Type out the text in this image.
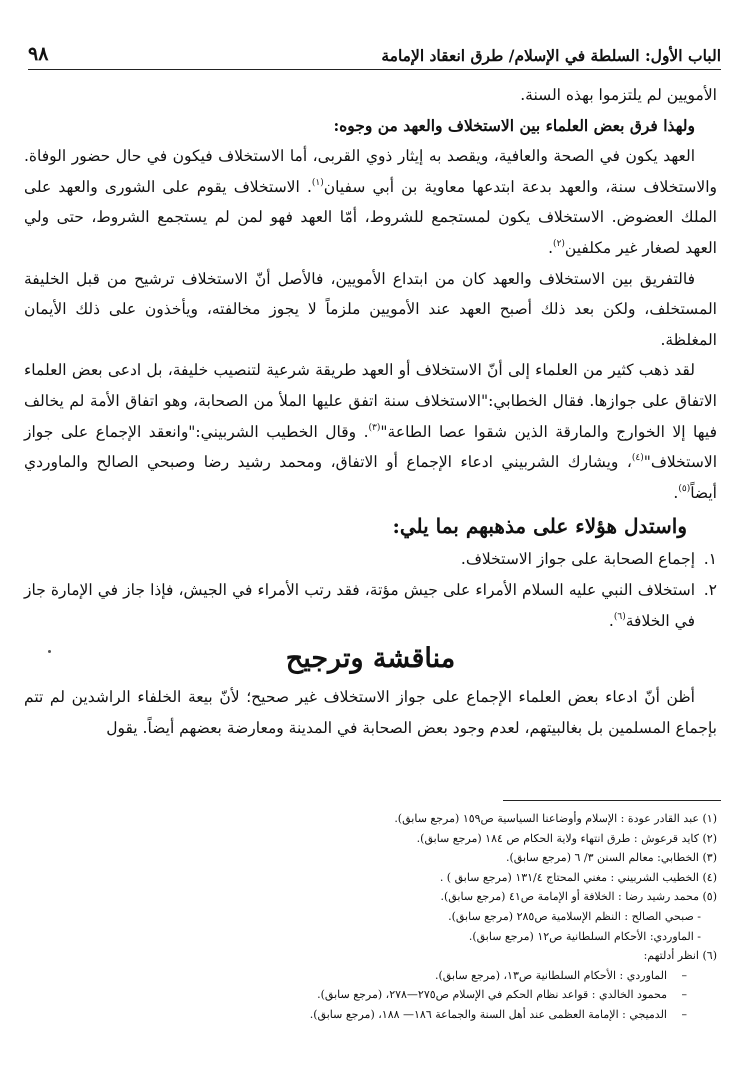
الباب الأول: السلطة في الإسلام/ طرق انعقاد الإمامة
٩٨

الأمويين لم يلتزموا بهذه السنة.

ولهذا فرق بعض العلماء بين الاستخلاف والعهد من وجوه:

العهد يكون في الصحة والعافية، ويقصد به إيثار ذوي القربى، أما الاستخلاف فيكون في حال حضور الوفاة. والاستخلاف سنة، والعهد بدعة ابتدعها معاوية بن أبي سفيان$^{(١)}$. الاستخلاف يقوم على الشورى والعهد على الملك العضوض. الاستخلاف يكون لمستجمع للشروط، أمّا العهد فهو لمن لم يستجمع الشروط، حتى ولي العهد لصغار غير مكلفين$^{(٢)}$.

فالتفريق بين الاستخلاف والعهد كان من ابتداع الأمويين، فالأصل أنّ الاستخلاف ترشيح من قبل الخليفة المستخلف، ولكن بعد ذلك أصبح العهد عند الأمويين ملزماً لا يجوز مخالفته، ويأخذون على ذلك الأيمان المغلظة.

لقد ذهب كثير من العلماء إلى أنّ الاستخلاف أو العهد طريقة شرعية لتنصيب خليفة، بل ادعى بعض العلماء الاتفاق على جوازها. فقال الخطابي:"الاستخلاف سنة اتفق عليها الملأ من الصحابة، وهو اتفاق الأمة لم يخالف فيها إلا الخوارج والمارقة الذين شقوا عصا الطاعة"$^{(٣)}$. وقال الخطيب الشربيني:"وانعقد الإجماع على جواز الاستخلاف"$^{(٤)}$، ويشارك الشربيني ادعاء الإجماع أو الاتفاق، ومحمد رشيد رضا وصبحي الصالح والماوردي أيضاً$^{(٥)}$.

واستدل هؤلاء على مذهبهم بما يلي:

١.
إجماع الصحابة على جواز الاستخلاف.

٢.
استخلاف النبي عليه السلام الأمراء على جيش مؤتة، فقد رتب الأمراء في الجيش، فإذا جاز في الإمارة جاز في الخلافة$^{(٦)}$.

مناقشة وترجيح

أظن أنّ ادعاء بعض العلماء الإجماع على جواز الاستخلاف غير صحيح؛ لأنّ بيعة الخلفاء الراشدين لم تتم بإجماع المسلمين بل بغالبيتهم، لعدم وجود بعض الصحابة في المدينة ومعارضة بعضهم أيضاً. يقول

(١) عبد القادر عودة : الإسلام وأوضاعنا السياسية ص١٥٩ (مرجع سابق).
(٢) كايد قرعوش : طرق انتهاء ولاية الحكام ص ١٨٤ (مرجع سابق).
(٣) الخطابي: معالم السنن ٣/ ٦ (مرجع سابق).
(٤) الخطيب الشربيني : مغني المحتاج ١٣١/٤ (مرجع سابق ) .
(٥) محمد رشيد رضا : الخلافة أو الإمامة ص٤١ (مرجع سابق).
- صبحي الصالح : النظم الإسلامية ص٢٨٥ (مرجع سابق).
- الماوردي: الأحكام السلطانية ص١٢ (مرجع سابق).
(٦) انظر أدلتهم:
–الماوردي : الأحكام السلطانية ص١٣، (مرجع سابق).
–محمود الخالدي : قواعد نظام الحكم في الإسلام ص٢٧٥—٢٧٨، (مرجع سابق).
–الدميجي : الإمامة العظمى عند أهل السنة والجماعة ١٨٦— ١٨٨، (مرجع سابق).
